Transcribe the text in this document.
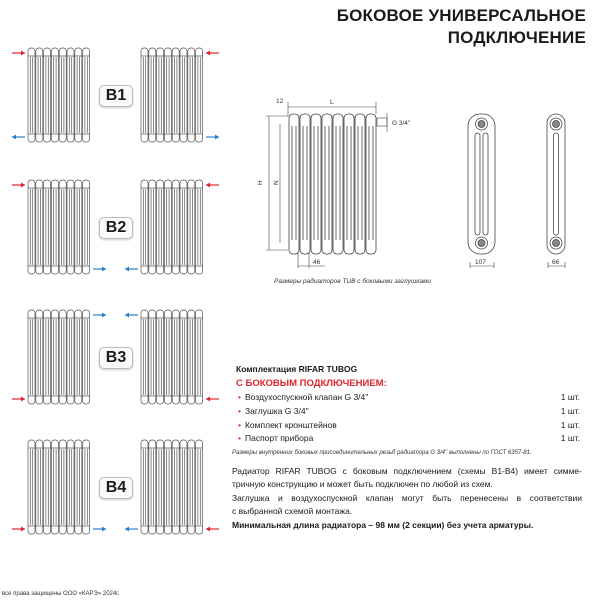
БОКОВОЕ УНИВЕРСАЛЬНОЕ
ПОДКЛЮЧЕНИЕ
B1
B2
B3
B4
12	L
G 3/4''
H N
46	107	66
Размеры радиаторов TUB с боковыми заглушками
Комплектация RIFAR TUBOG
С БОКОВЫМ ПОДКЛЮЧЕНИЕМ:
• Воздухоспускной клапан G 3/4''	1 шт.
• Заглушка G 3/4''	1 шт.
• Комплект кронштейнов	1 шт.
• Паспорт прибора	1 шт.
Размеры внутренних боковых присоединительных резьб радиатора G 3/4'' выполнены по ГОСТ 6357-81.
Радиатор RIFAR TUBOG с боковым подключением (схемы В1-В4) имеет симме-
тричную конструкцию и может быть подключен по любой из схем.
Заглушка и воздухоспускной клапан могут быть перенесены в соответствии
с выбранной схемой монтажа.
Минимальная длина радиатора – 98 мм (2 секции) без учета арматуры.
все права защищены ООО «КАРЭ» 2024г.
